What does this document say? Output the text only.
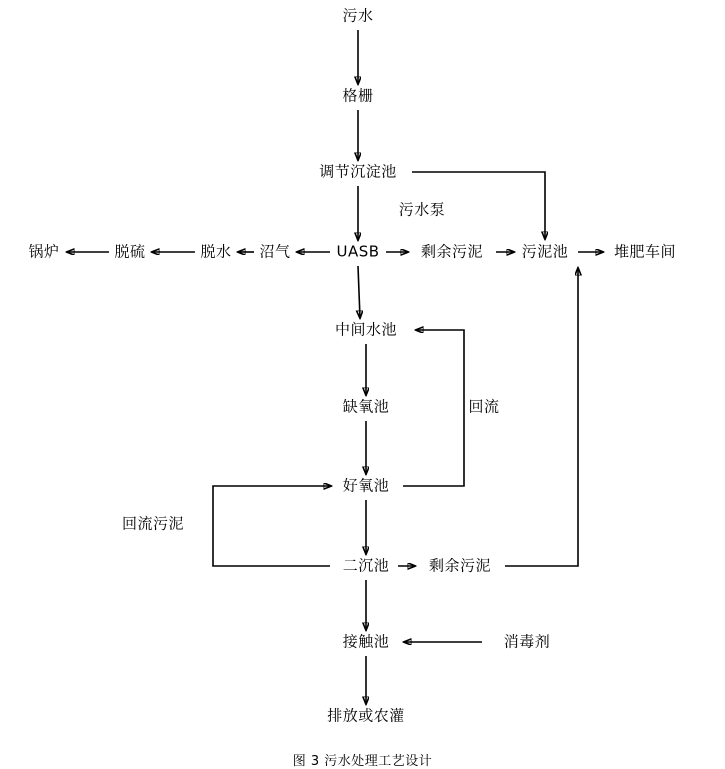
污水
格栅
调节沉淀池
污水泵
锅炉	脱硫	脱水 沼气	UASB	剩余污泥	污泥池	堆肥车间
中间水池
缺氧池	回流
好氧池
回流污泥
二沉池	剩余污泥
接触池	消毒剂
排放或农灌
图 3 污水处理工艺设计
